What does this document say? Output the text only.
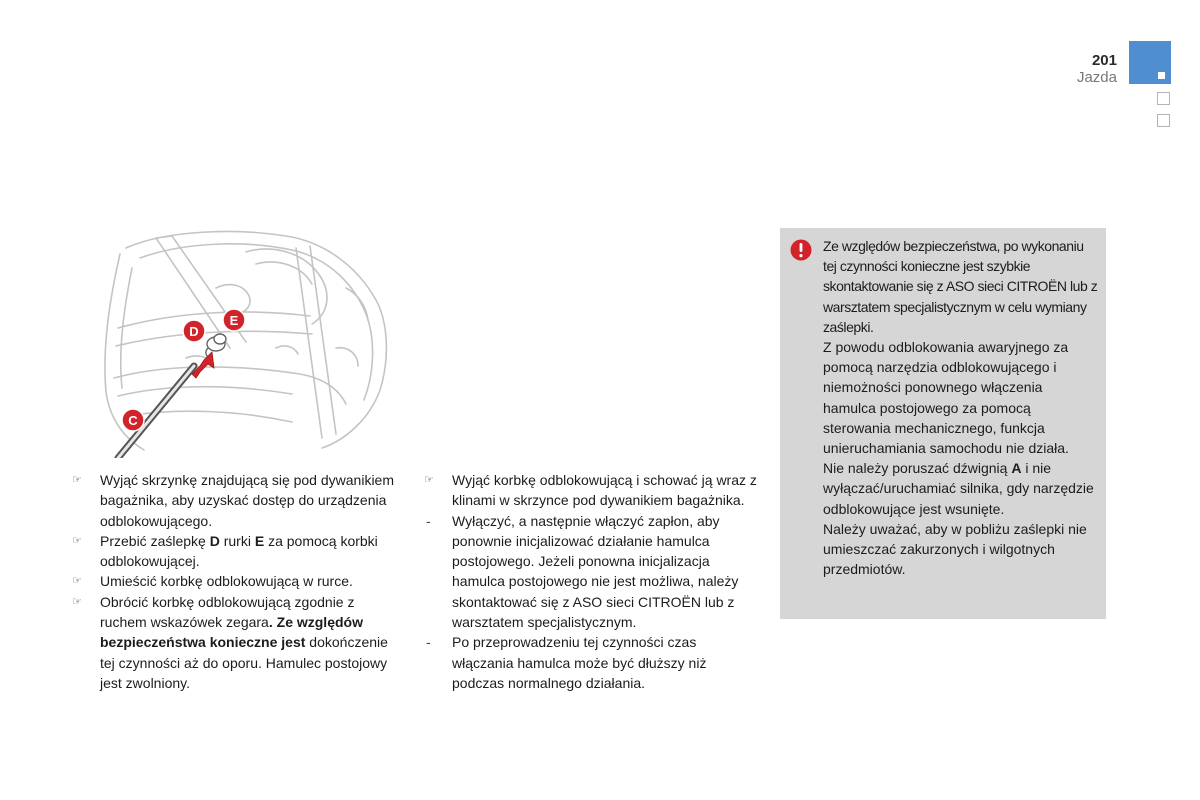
201
Jazda
D
E
C
☞ Wyjąć skrzynkę znajdującą się pod dywanikiem bagażnika, aby uzyskać dostęp do urządzenia odblokowującego.
☞ Przebić zaślepkę D rurki E za pomocą korbki odblokowującej.
☞ Umieścić korbkę odblokowującą w rurce.
☞ Obrócić korbkę odblokowującą zgodnie z ruchem wskazówek zegara. Ze względów bezpieczeństwa konieczne jest dokończenie tej czynności aż do oporu. Hamulec postojowy jest zwolniony.
☞ Wyjąć korbkę odblokowującą i schować ją wraz z klinami w skrzynce pod dywanikiem bagażnika.
-	Wyłączyć, a następnie włączyć zapłon, aby ponownie inicjalizować działanie hamulca postojowego. Jeżeli ponowna inicjalizacja hamulca postojowego nie jest możliwa, należy skontaktować się z ASO sieci CITROËN lub z warsztatem specjalistycznym.
-	Po przeprowadzeniu tej czynności czas włączania hamulca może być dłuższy niż podczas normalnego działania.
Ze względów bezpieczeństwa, po wykonaniu tej czynności konieczne jest szybkie skontaktowanie się z ASO sieci CITROËN lub z warsztatem specjalistycznym w celu wymiany zaślepki.
Z powodu odblokowania awaryjnego za pomocą narzędzia odblokowującego i niemożności ponownego włączenia hamulca postojowego za pomocą sterowania mechanicznego, funkcja unieruchamiania samochodu nie działa.
Nie należy poruszać dźwignią A i nie wyłączać/uruchamiać silnika, gdy narzędzie odblokowujące jest wsunięte.
Należy uważać, aby w pobliżu zaślepki nie umieszczać zakurzonych i wilgotnych przedmiotów.
